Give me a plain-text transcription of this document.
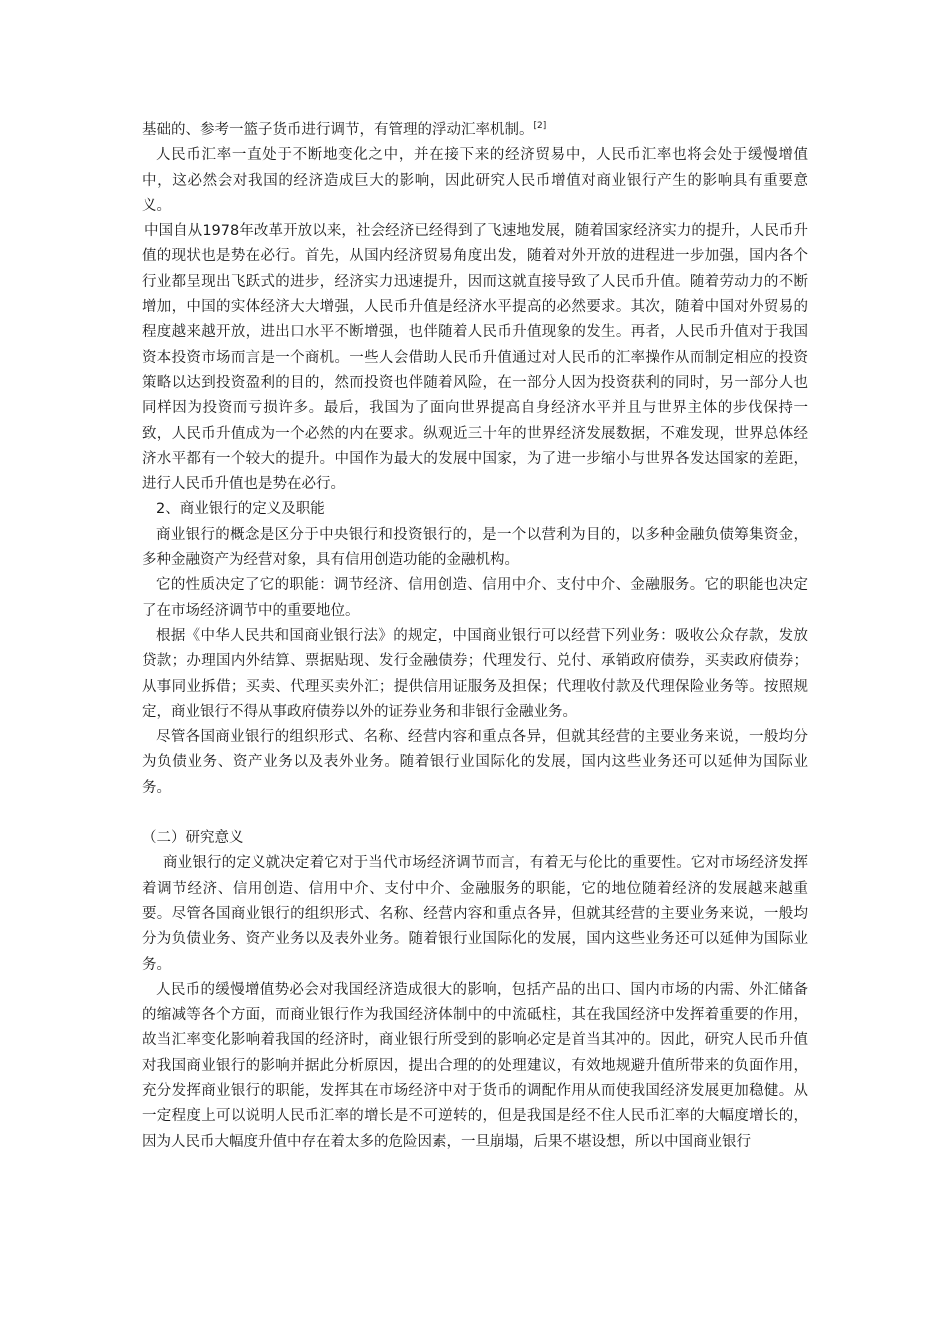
基础的、参考一篮子货币进行调节，有管理的浮动汇率机制。[2]

人民币汇率一直处于不断地变化之中，并在接下来的经济贸易中，人民币汇率也将会处于缓慢增值中，这必然会对我国的经济造成巨大的影响，因此研究人民币增值对商业银行产生的影响具有重要意义。

中国自从1978年改革开放以来，社会经济已经得到了飞速地发展，随着国家经济实力的提升，人民币升值的现状也是势在必行。首先，从国内经济贸易角度出发，随着对外开放的进程进一步加强，国内各个行业都呈现出飞跃式的进步，经济实力迅速提升，因而这就直接导致了人民币升值。随着劳动力的不断增加，中国的实体经济大大增强，人民币升值是经济水平提高的必然要求。其次，随着中国对外贸易的程度越来越开放，进出口水平不断增强，也伴随着人民币升值现象的发生。再者，人民币升值对于我国资本投资市场而言是一个商机。一些人会借助人民币升值通过对人民币的汇率操作从而制定相应的投资策略以达到投资盈利的目的，然而投资也伴随着风险，在一部分人因为投资获利的同时，另一部分人也同样因为投资而亏损许多。最后，我国为了面向世界提高自身经济水平并且与世界主体的步伐保持一致，人民币升值成为一个必然的内在要求。纵观近三十年的世界经济发展数据，不难发现，世界总体经济水平都有一个较大的提升。中国作为最大的发展中国家，为了进一步缩小与世界各发达国家的差距，进行人民币升值也是势在必行。

2、商业银行的定义及职能

商业银行的概念是区分于中央银行和投资银行的，是一个以营利为目的，以多种金融负债筹集资金，多种金融资产为经营对象，具有信用创造功能的金融机构。

它的性质决定了它的职能：调节经济、信用创造、信用中介、支付中介、金融服务。它的职能也决定了在市场经济调节中的重要地位。

根据《中华人民共和国商业银行法》的规定，中国商业银行可以经营下列业务：吸收公众存款，发放贷款；办理国内外结算、票据贴现、发行金融债券；代理发行、兑付、承销政府债券，买卖政府债券；从事同业拆借；买卖、代理买卖外汇；提供信用证服务及担保；代理收付款及代理保险业务等。按照规定，商业银行不得从事政府债券以外的证券业务和非银行金融业务。

尽管各国商业银行的组织形式、名称、经营内容和重点各异，但就其经营的主要业务来说，一般均分为负债业务、资产业务以及表外业务。随着银行业国际化的发展，国内这些业务还可以延伸为国际业务。

（二）研究意义

商业银行的定义就决定着它对于当代市场经济调节而言，有着无与伦比的重要性。它对市场经济发挥着调节经济、信用创造、信用中介、支付中介、金融服务的职能，它的地位随着经济的发展越来越重要。尽管各国商业银行的组织形式、名称、经营内容和重点各异，但就其经营的主要业务来说，一般均分为负债业务、资产业务以及表外业务。随着银行业国际化的发展，国内这些业务还可以延伸为国际业务。

人民币的缓慢增值势必会对我国经济造成很大的影响，包括产品的出口、国内市场的内需、外汇储备的缩减等各个方面，而商业银行作为我国经济体制中的中流砥柱，其在我国经济中发挥着重要的作用，故当汇率变化影响着我国的经济时，商业银行所受到的影响必定是首当其冲的。因此，研究人民币升值对我国商业银行的影响并据此分析原因，提出合理的的处理建议，有效地规避升值所带来的负面作用，充分发挥商业银行的职能，发挥其在市场经济中对于货币的调配作用从而使我国经济发展更加稳健。从一定程度上可以说明人民币汇率的增长是不可逆转的，但是我国是经不住人民币汇率的大幅度增长的，因为人民币大幅度升值中存在着太多的危险因素，一旦崩塌，后果不堪设想，所以中国商业银行
